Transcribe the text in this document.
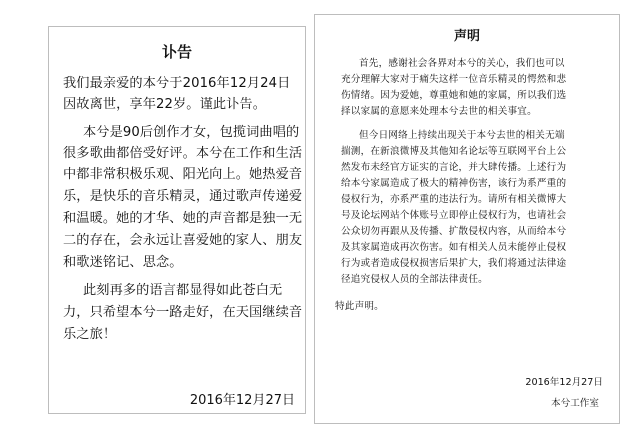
讣告

我们最亲爱的本兮于2016年12月24日

因故离世，享年22岁。谨此讣告。

本兮是90后创作才女，包揽词曲唱的

很多歌曲都倍受好评。本兮在工作和生活

中都非常积极乐观、阳光向上。她热爱音

乐，是快乐的音乐精灵，通过歌声传递爱

和温暖。她的才华、她的声音都是独一无

二的存在，会永远让喜爱她的家人、朋友

和歌迷铭记、思念。

此刻再多的语言都显得如此苍白无

力，只希望本兮一路走好，在天国继续音

乐之旅！

2016年12月27日
声明

首先，感谢社会各界对本兮的关心，我们也可以

充分理解大家对于痛失这样一位音乐精灵的愕然和悲

伤情绪。因为爱她，尊重她和她的家属，所以我们选

择以家属的意愿来处理本兮去世的相关事宜。

但今日网络上持续出现关于本兮去世的相关无端

揣测，在新浪微博及其他知名论坛等互联网平台上公

然发布未经官方证实的言论，并大肆传播。上述行为

给本兮家属造成了极大的精神伤害，该行为系严重的

侵权行为，亦系严重的违法行为。请所有相关微博大

号及论坛网站个体账号立即停止侵权行为，也请社会

公众切勿再跟从及传播、扩散侵权内容，从而给本兮

及其家属造成再次伤害。如有相关人员未能停止侵权

行为或者造成侵权损害后果扩大，我们将通过法律途

径追究侵权人员的全部法律责任。

特此声明。

2016年12月27日
本兮工作室
